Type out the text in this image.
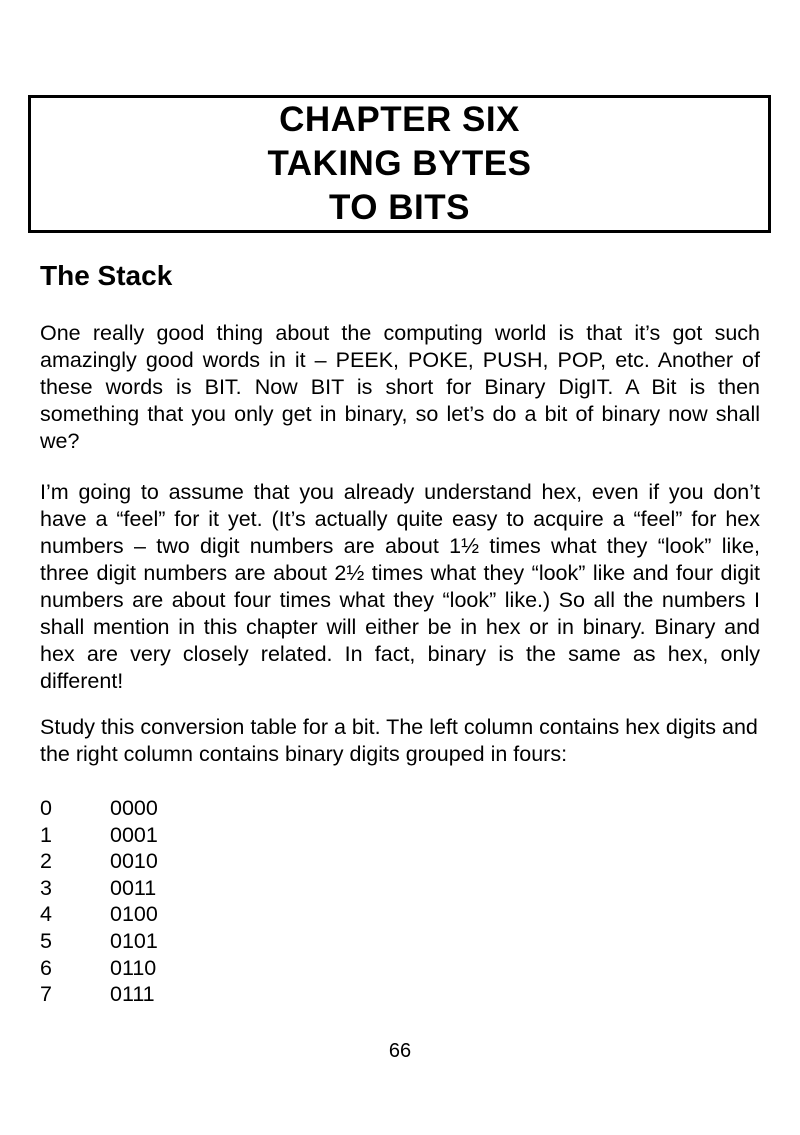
CHAPTER SIX
TAKING BYTES
TO BITS
The Stack

One really good thing about the computing world is that it’s got such amazingly good words in it – PEEK, POKE, PUSH, POP, etc. Another of these words is BIT. Now BIT is short for Binary DigIT. A Bit is then something that you only get in binary, so let’s do a bit of binary now shall we?

I’m going to assume that you already understand hex, even if you don’t have a “feel” for it yet. (It’s actually quite easy to acquire a “feel” for hex numbers – two digit numbers are about 1½ times what they “look” like, three digit numbers are about 2½ times what they “look” like and four digit numbers are about four times what they “look” like.) So all the numbers I shall mention in this chapter will either be in hex or in binary. Binary and hex are very closely related. In fact, binary is the same as hex, only different!

Study this conversion table for a bit. The left column contains hex digits and the right column contains binary digits grouped in fours:

0	0000
1	0001
2	0010
3	0011
4	0100
5	0101
6	0110
7	0111
66
